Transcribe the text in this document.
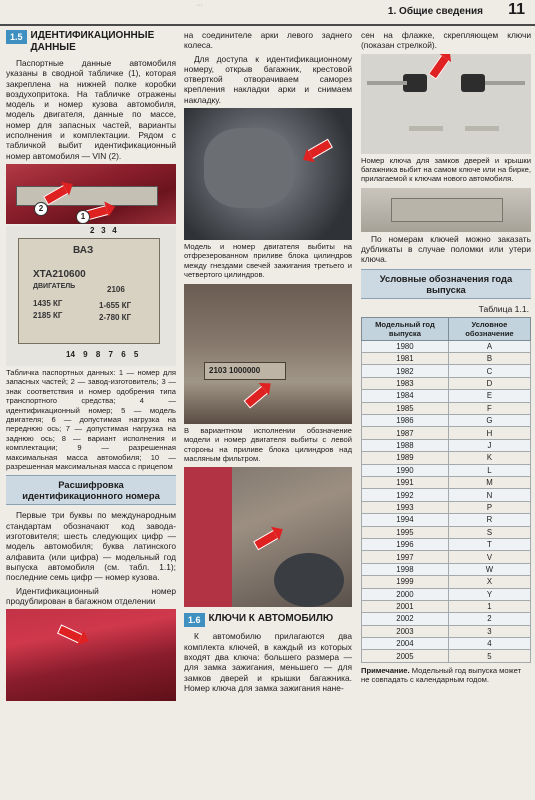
···
1. Общие сведения 11
1.5 ИДЕНТИФИКАЦИОННЫЕ ДАННЫЕ

Паспортные данные автомобиля указаны в сводной табличке (1), которая закреплена на нижней полке коробки воздухопритока. На табличке отражены модель и номер кузова автомобиля, модель двигателя, данные по массе, номер для запасных частей, варианты исполнения и комплектации. Рядом с табличкой выбит идентификационный номер автомобиля — VIN (2).

2
1
2 3 4
ВАЗ
ХТА210600
ДВИГАТЕЛЬ	2106
1435 КГ
2185 КГ
1-655 КГ
2-780 КГ
14 9 8 7 6 5

Табличка паспортных данных: 1 — номер для запасных частей; 2 — завод-изготовитель; 3 — знак соответствия и номер одобрения типа транспортного средства; 4 — идентификационный номер; 5 — модель двигателя; 6 — допустимая нагрузка на переднюю ось; 7 — допустимая нагрузка на заднюю ось; 8 — вариант исполнения и комплектации; 9 — разрешенная максимальная масса автомобиля; 10 — разрешенная максимальная масса с прицепом

Расшифровка идентификационного номера

Первые три буквы по международным стандартам обозначают код завода-изготовителя; шесть следующих цифр — модель автомобиля; буква латинского алфавита (или цифра) — модельный год выпуска автомобиля (см. табл. 1.1); последние семь цифр — номер кузова.

Идентификационный номер продублирован в багажном отделении

на соединителе арки левого заднего колеса.

Для доступа к идентификационному номеру, открыв багажник, крестовой отверткой отворачиваем саморез крепления накладки арки и снимаем накладку.

Модель и номер двигателя выбиты на отфрезерованном приливе блока цилиндров между гнездами свечей зажигания третьего и четвертого цилиндров.

2103 1000000

В вариантном исполнении обозначение модели и номер двигателя выбиты с левой стороны на приливе блока цилиндров над масляным фильтром.

1.6 КЛЮЧИ К АВТОМОБИЛЮ

К автомобилю прилагаются два комплекта ключей, в каждый из которых входят два ключа: большего размера — для замка зажигания, меньшего — для замков дверей и крышки багажника. Номер ключа для замка зажигания нане-

сен на флажке, скрепляющем ключи (показан стрелкой).

Номер ключа для замков дверей и крышки багажника выбит на самом ключе или на бирке, прилагаемой к ключам нового автомобиля.

По номерам ключей можно заказать дубликаты в случае поломки или утери ключа.

Условные обозначения года выпуска
Таблица 1.1.
Модельный год выпуска	Условное обозначение
1980	A
1981	B
1982	C
1983	D
1984	E
1985	F
1986	G
1987	H
1988	J
1989	K
1990	L
1991	M
1992	N
1993	P
1994	R
1995	S
1996	T
1997	V
1998	W
1999	X
2000	Y
2001	1
2002	2
2003	3
2004	4
2005	5
Примечание. Модельный год выпуска может не совпадать с календарным годом.
